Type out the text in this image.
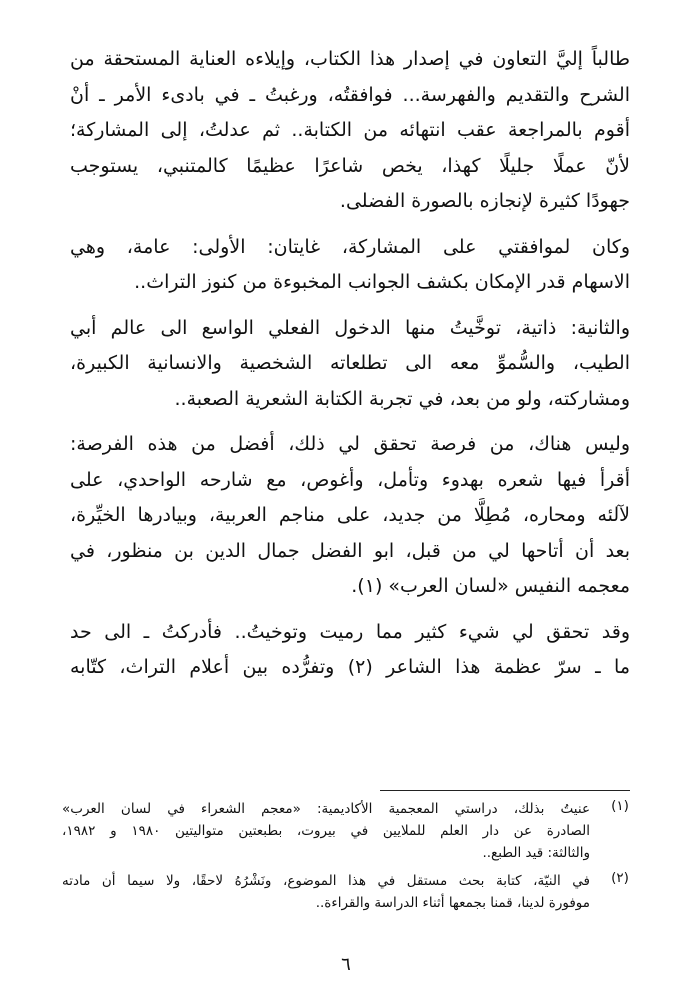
طالباً إليَّ التعاون في إصدار هذا الكتاب، وإيلاءه العناية المستحقة من
الشرح والتقديم والفهرسة... فوافقتُه، ورغبتُ ـ في بادىء الأمر ـ أنْ
أقوم بالمراجعة عقب انتهائه من الكتابة.. ثم عدلتُ، إلى المشاركة؛
لأنّ عملًا جليلًا كهذا، يخص شاعرًا عظيمًا كالمتنبي، يستوجب
جهودًا كثيرة لإنجازه بالصورة الفضلى.
وكان لموافقتي على المشاركة، غايتان: الأولى: عامة، وهي
الاسهام قدر الإمكان بكشف الجوانب المخبوءة من كنوز التراث..
والثانية: ذاتية، توخَّيتُ منها الدخول الفعلي الواسع الى عالم أبي
الطيب، والسُّموِّ معه الى تطلعاته الشخصية والانسانية الكبيرة،
ومشاركته، ولو من بعد، في تجربة الكتابة الشعرية الصعبة..
وليس هناك، من فرصة تحقق لي ذلك، أفضل من هذه الفرصة:
أقرأ فيها شعره بهدوء وتأمل، وأغوص، مع شارحه الواحدي، على
لآلئه ومحاره، مُطِلًّا من جديد، على مناجم العربية، وبيادرها الخيِّرة،
بعد أن أتاحها لي من قبل، ابو الفضل جمال الدين بن منظور، في
معجمه النفيس «لسان العرب» (١).
وقد تحقق لي شيء كثير مما رميت وتوخيتُ.. فأدركتُ ـ الى حد
ما ـ سرّ عظمة هذا الشاعر (٢) وتفرُّده بين أعلام التراث، كتّابه
(١)
عنيتُ بذلك، دراستي المعجمية الأكاديمية: «معجم الشعراء في لسان العرب»
الصادرة عن دار العلم للملايين في بيروت، بطبعتين متواليتين ١٩٨٠ و ١٩٨٢،
والثالثة: قيد الطبع..
(٢)
في النيّة، كتابة بحث مستقل في هذا الموضوع، ونَشْرُهُ لاحقًا، ولا سيما أن مادته
موفورة لدينا، قمنا بجمعها أثناء الدراسة والقراءة..
٦
